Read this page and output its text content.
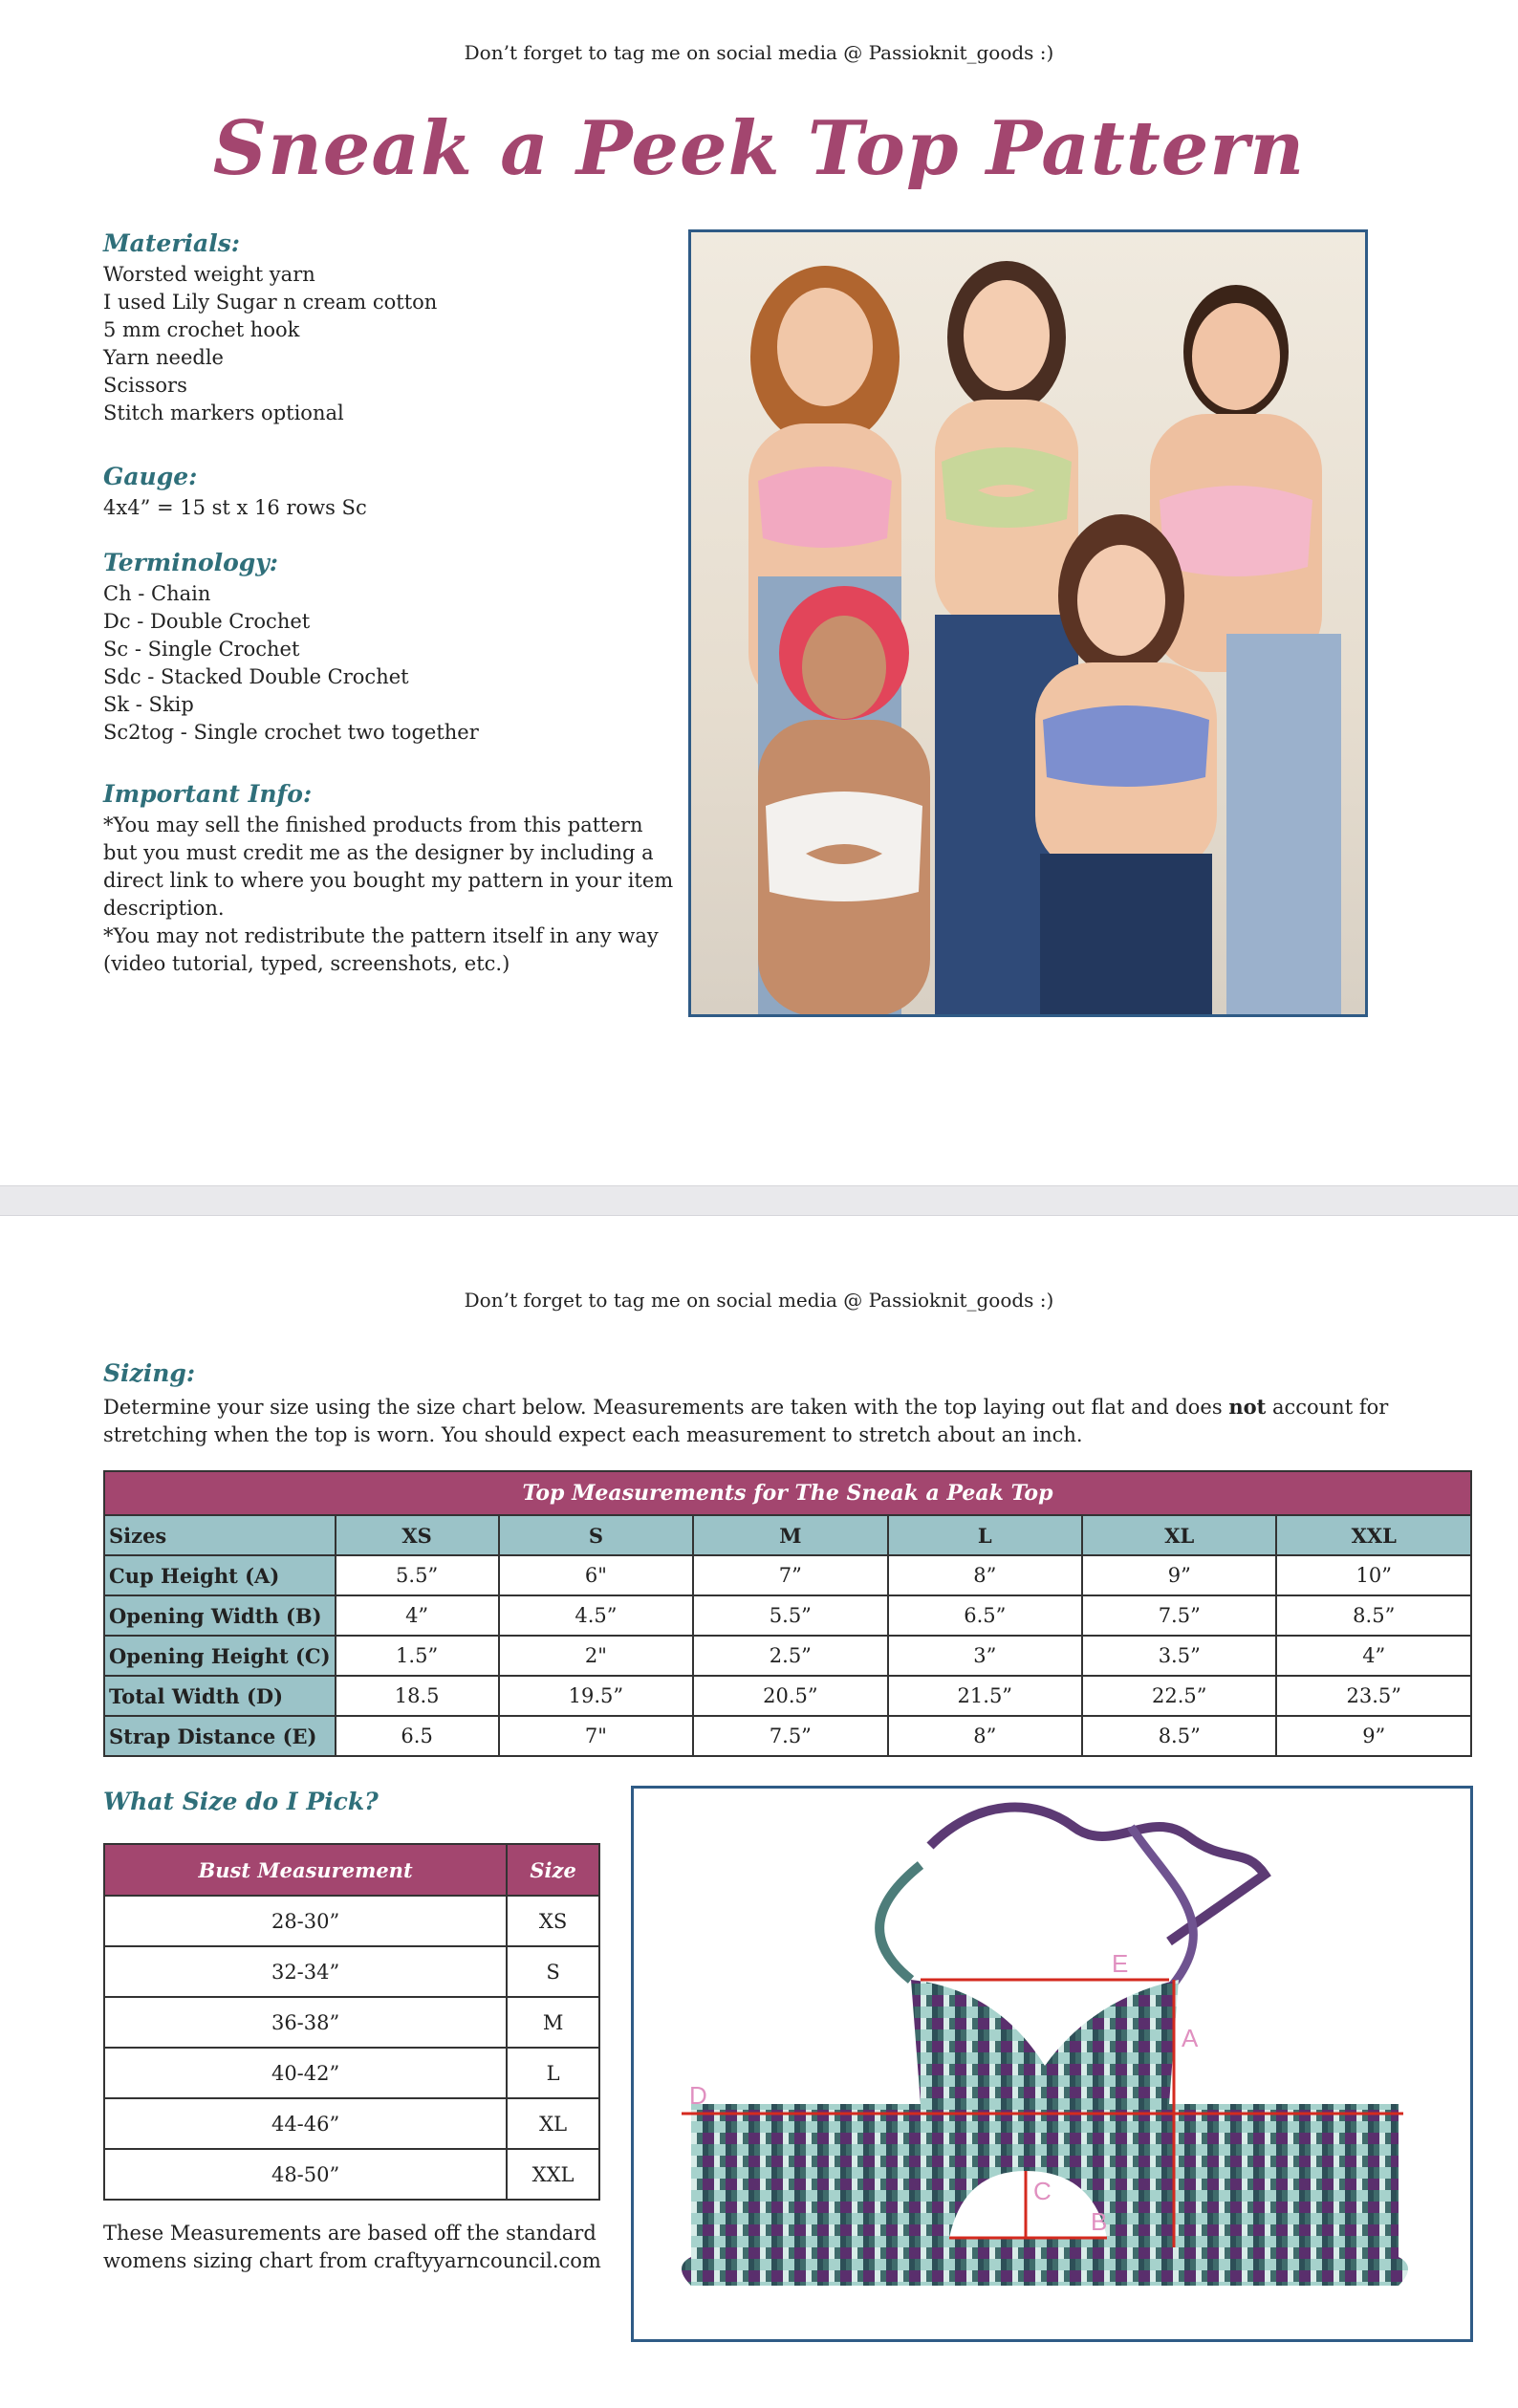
Don’t forget to tag me on social media @ Passioknit_goods :)
Sneak a Peek Top Pattern
Materials:
Worsted weight yarn
I used Lily Sugar n cream cotton
5 mm crochet hook
Yarn needle
Scissors
Stitch markers optional
Gauge:
4x4” = 15 st x 16 rows Sc
Terminology:
Ch - Chain
Dc - Double Crochet
Sc - Single Crochet
Sdc - Stacked Double Crochet
Sk - Skip
Sc2tog - Single crochet two together
Important Info:
*You may sell the finished products from this pattern
but you must credit me as the designer by including a
direct link to where you bought my pattern in your item
description.
*You may not redistribute the pattern itself in any way
(video tutorial, typed, screenshots, etc.)
Don’t forget to tag me on social media @ Passioknit_goods :)
Sizing:

Determine your size using the size chart below. Measurements are taken with the top laying out flat and does not account for

stretching when the top is worn. You should expect each measurement to stretch about an inch.

Top Measurements for The Sneak a Peak Top						
Sizes	XS	S	M	L	XL	XXL
Cup Height (A)	5.5”	6"	7”	8”	9”	10”
Opening Width (B)	4”	4.5”	5.5”	6.5”	7.5”	8.5”
Opening Height (C)	1.5”	2"	2.5”	3”	3.5”	4”
Total Width (D)	18.5	19.5”	20.5”	21.5”	22.5”	23.5”
Strap Distance (E)	6.5	7"	7.5”	8”	8.5”	9”
What Size do I Pick?
Bust Measurement	Size
28-30”	XS
32-34”	S
36-38”	M
40-42”	L
44-46”	XL
48-50”	XXL
These Measurements are based off the standard
womens sizing chart from craftyyarncouncil.com
E
A
D
C
B
